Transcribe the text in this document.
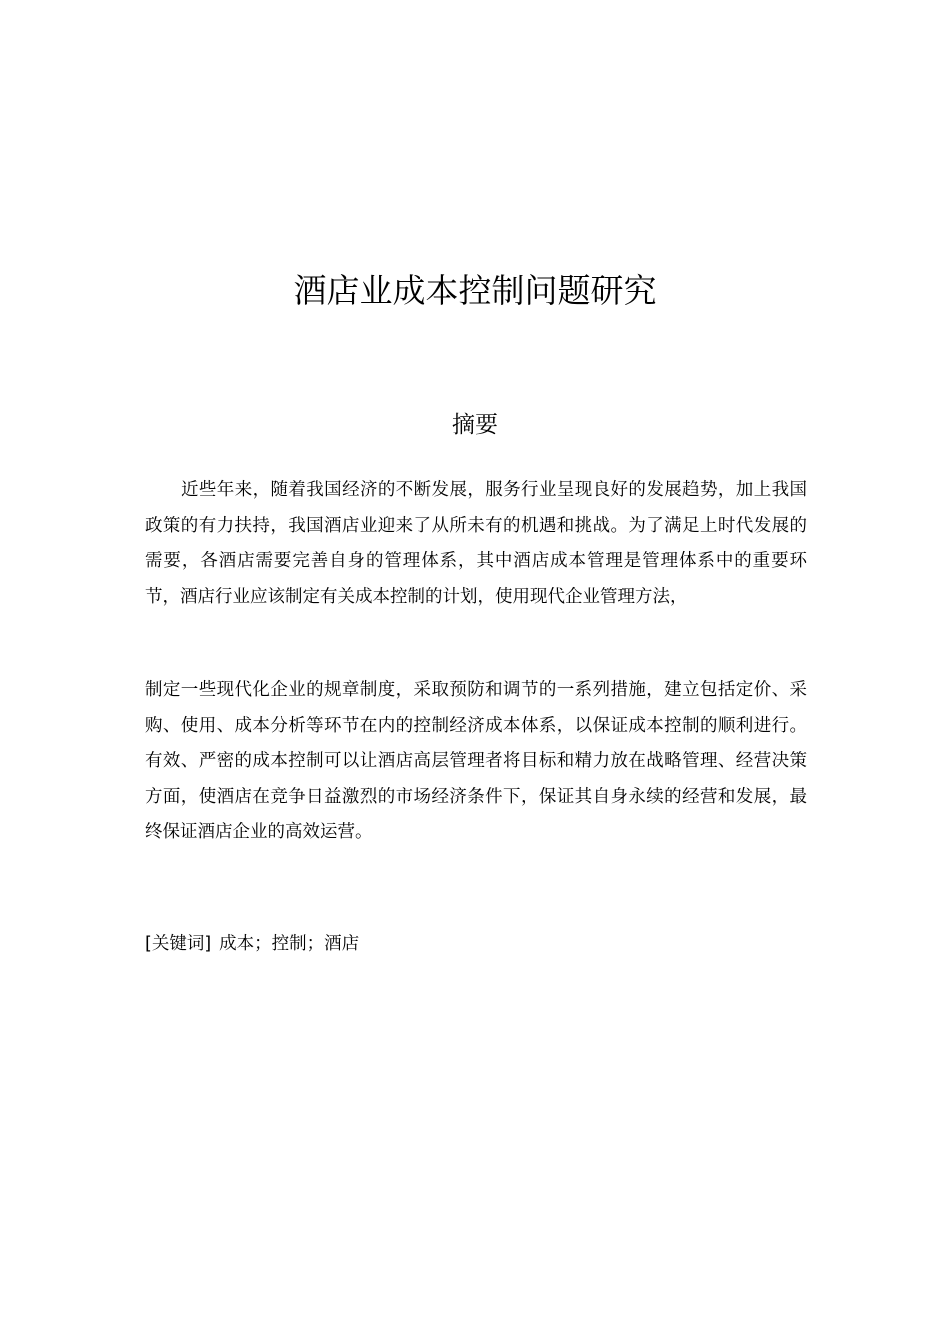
酒店业成本控制问题研究
摘要

近些年来，随着我国经济的不断发展，服务行业呈现良好的发展趋势，加上我国政策的有力扶持，我国酒店业迎来了从所未有的机遇和挑战。为了满足上时代发展的需要，各酒店需要完善自身的管理体系，其中酒店成本管理是管理体系中的重要环节，酒店行业应该制定有关成本控制的计划，使用现代企业管理方法，

制定一些现代化企业的规章制度，采取预防和调节的一系列措施，建立包括定价、采购、使用、成本分析等环节在内的控制经济成本体系，以保证成本控制的顺利进行。有效、严密的成本控制可以让酒店高层管理者将目标和精力放在战略管理、经营决策方面，使酒店在竞争日益激烈的市场经济条件下，保证其自身永续的经营和发展，最终保证酒店企业的高效运营。

[关键词] 成本；控制；酒店
